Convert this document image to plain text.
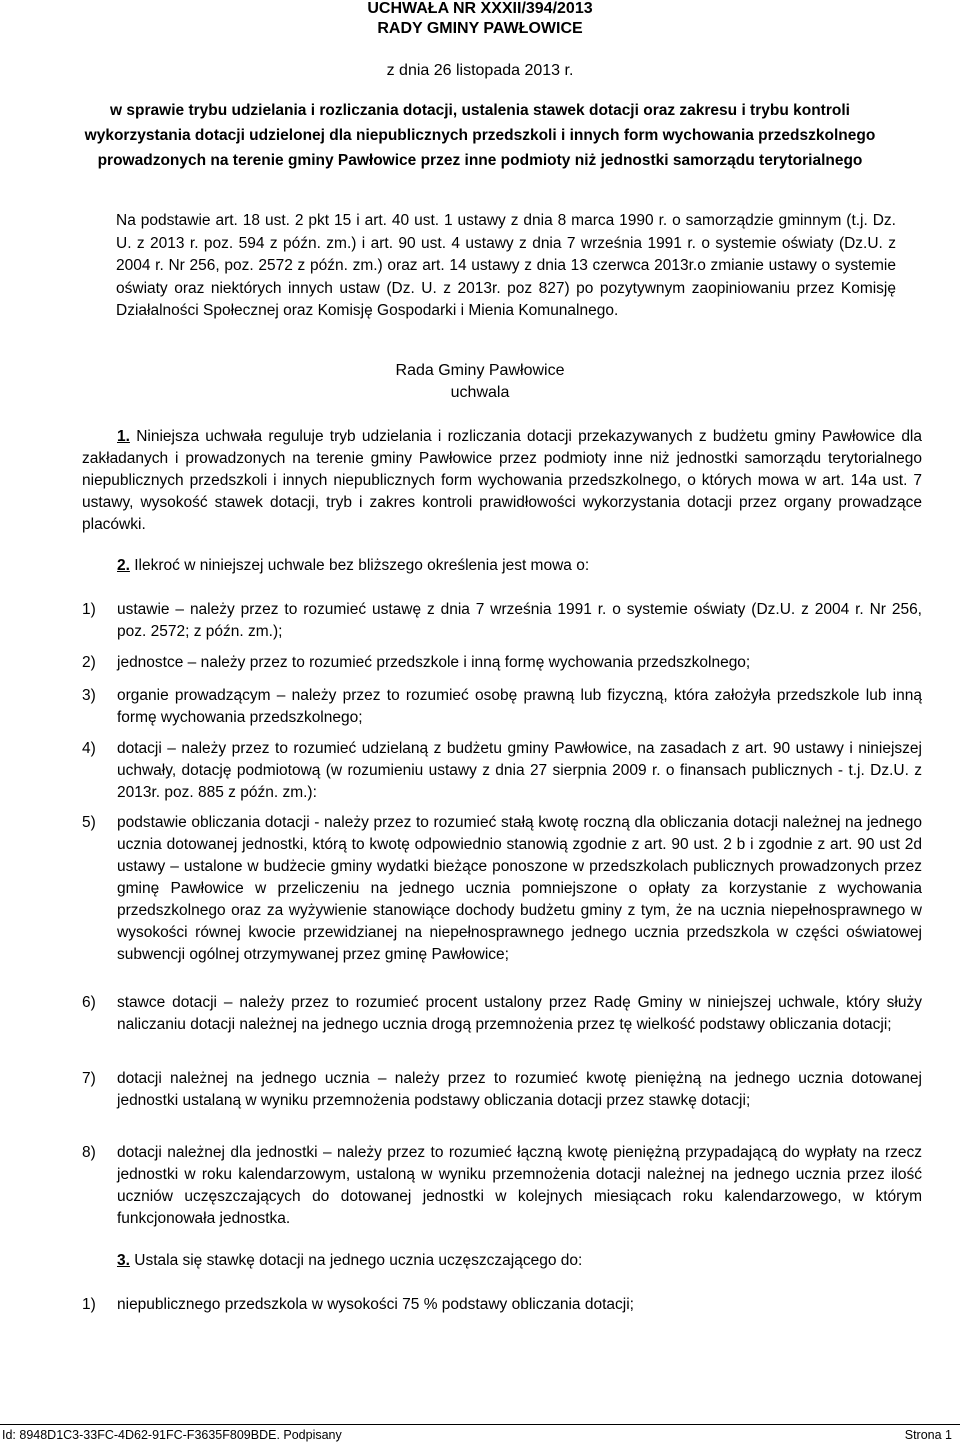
UCHWAŁA NR XXXII/394/2013
RADY GMINY PAWŁOWICE
z dnia 26 listopada 2013 r.
w sprawie trybu udzielania i rozliczania dotacji, ustalenia stawek dotacji oraz zakresu i trybu kontroli wykorzystania dotacji udzielonej dla niepublicznych przedszkoli i innych form wychowania przedszkolnego prowadzonych na terenie gminy Pawłowice przez inne podmioty niż jednostki samorządu terytorialnego
Na podstawie art. 18 ust. 2 pkt 15 i art. 40 ust. 1 ustawy z dnia 8 marca 1990 r. o samorządzie gminnym (t.j. Dz. U. z 2013 r. poz. 594 z późn. zm.) i art. 90 ust. 4 ustawy z dnia 7 września 1991 r. o systemie oświaty (Dz.U. z 2004 r. Nr 256, poz. 2572 z późn. zm.) oraz art. 14 ustawy z dnia 13 czerwca 2013r.o zmianie ustawy o systemie oświaty oraz niektórych innych ustaw (Dz. U. z 2013r. poz 827) po pozytywnym zaopiniowaniu przez Komisję Działalności Społecznej oraz Komisję Gospodarki i Mienia Komunalnego.
Rada Gminy Pawłowice
uchwala
1. Niniejsza uchwała reguluje tryb udzielania i rozliczania dotacji przekazywanych z budżetu gminy Pawłowice dla zakładanych i prowadzonych na terenie gminy Pawłowice przez podmioty inne niż jednostki samorządu terytorialnego niepublicznych przedszkoli i innych niepublicznych form wychowania przedszkolnego, o których mowa w art. 14a ust. 7 ustawy, wysokość stawek dotacji, tryb i zakres kontroli prawidłowości wykorzystania dotacji przez organy prowadzące placówki.
2. Ilekroć w niniejszej uchwale bez bliższego określenia jest mowa o:
1)	ustawie – należy przez to rozumieć ustawę z dnia 7 września 1991 r. o systemie oświaty (Dz.U. z 2004 r. Nr 256, poz. 2572; z późn. zm.);
2)	jednostce – należy przez to rozumieć przedszkole i inną formę wychowania przedszkolnego;
3)	organie prowadzącym – należy przez to rozumieć osobę prawną lub fizyczną, która założyła przedszkole lub inną formę wychowania przedszkolnego;
4)	dotacji – należy przez to rozumieć udzielaną z budżetu gminy Pawłowice, na zasadach z art. 90 ustawy i niniejszej uchwały, dotację podmiotową (w rozumieniu ustawy z dnia 27 sierpnia 2009 r. o finansach publicznych - t.j. Dz.U. z 2013r. poz. 885 z późn. zm.):
5)	podstawie obliczania dotacji - należy przez to rozumieć stałą kwotę roczną dla obliczania dotacji należnej na jednego ucznia dotowanej jednostki, którą to kwotę odpowiednio stanowią zgodnie z art. 90 ust. 2 b i zgodnie z art. 90 ust 2d ustawy – ustalone w budżecie gminy wydatki bieżące ponoszone w przedszkolach publicznych prowadzonych przez gminę Pawłowice w przeliczeniu na jednego ucznia pomniejszone o opłaty za korzystanie z wychowania przedszkolnego oraz za wyżywienie stanowiące dochody budżetu gminy z tym, że na ucznia niepełnosprawnego w wysokości równej kwocie przewidzianej na niepełnosprawnego jednego ucznia przedszkola w części oświatowej subwencji ogólnej otrzymywanej przez gminę Pawłowice;
6)	stawce dotacji – należy przez to rozumieć procent ustalony przez Radę Gminy w niniejszej uchwale, który służy naliczaniu dotacji należnej na jednego ucznia drogą przemnożenia przez tę wielkość podstawy obliczania dotacji;
7)	dotacji należnej na jednego ucznia – należy przez to rozumieć kwotę pieniężną na jednego ucznia dotowanej jednostki ustalaną w wyniku przemnożenia podstawy obliczania dotacji przez stawkę dotacji;
8)	dotacji należnej dla jednostki – należy przez to rozumieć łączną kwotę pieniężną przypadającą do wypłaty na rzecz jednostki w roku kalendarzowym, ustaloną w wyniku przemnożenia dotacji należnej na jednego ucznia przez ilość uczniów uczęszczających do dotowanej jednostki w kolejnych miesiącach roku kalendarzowego, w którym funkcjonowała jednostka.
3. Ustala się stawkę dotacji na jednego ucznia uczęszczającego do:
1)	niepublicznego przedszkola w wysokości 75 % podstawy obliczania dotacji;
Id: 8948D1C3-33FC-4D62-91FC-F3635F809BDE. Podpisany	Strona 1
